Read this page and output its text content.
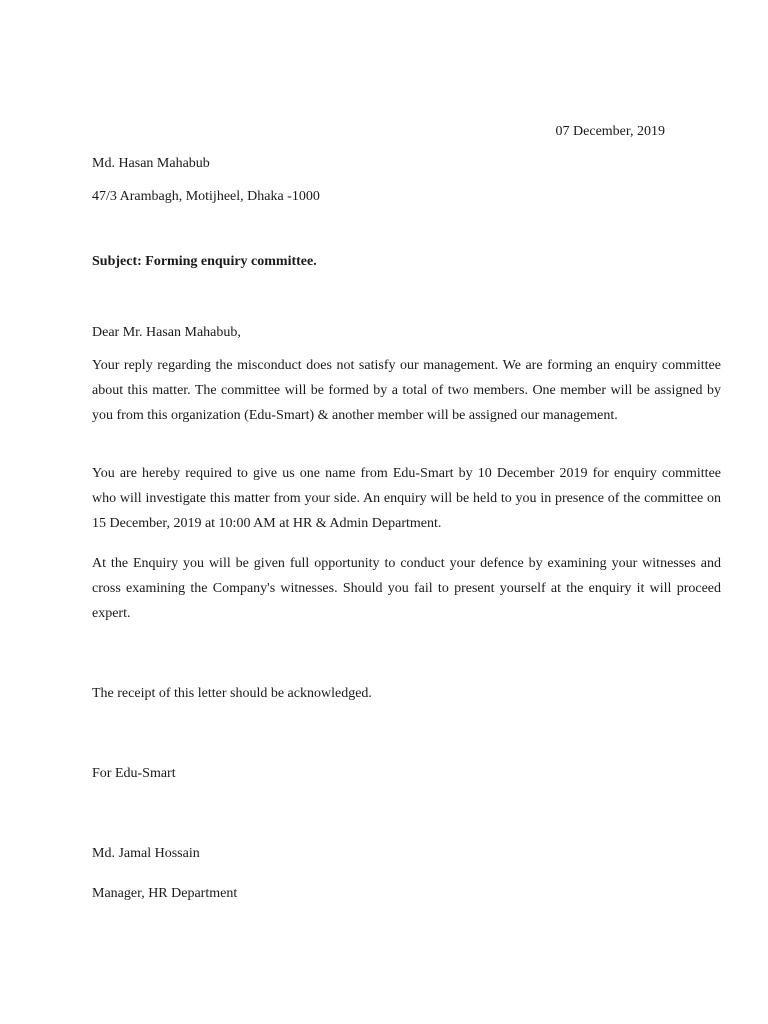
07 December, 2019
Md. Hasan Mahabub
47/3 Arambagh, Motijheel, Dhaka -1000
Subject: Forming enquiry committee.
Dear Mr. Hasan Mahabub,
Your reply regarding the misconduct does not satisfy our management. We are forming an enquiry committee about this matter. The committee will be formed by a total of two members. One member will be assigned by you from this organization (Edu-Smart) & another member will be assigned our management.
You are hereby required to give us one name from Edu-Smart by 10 December 2019 for enquiry committee who will investigate this matter from your side. An enquiry will be held to you in presence of the committee on 15 December, 2019 at 10:00 AM at HR & Admin Department.
At the Enquiry you will be given full opportunity to conduct your defence by examining your witnesses and cross examining the Company's witnesses. Should you fail to present yourself at the enquiry it will proceed expert.
The receipt of this letter should be acknowledged.
For Edu-Smart
Md. Jamal Hossain
Manager, HR Department
